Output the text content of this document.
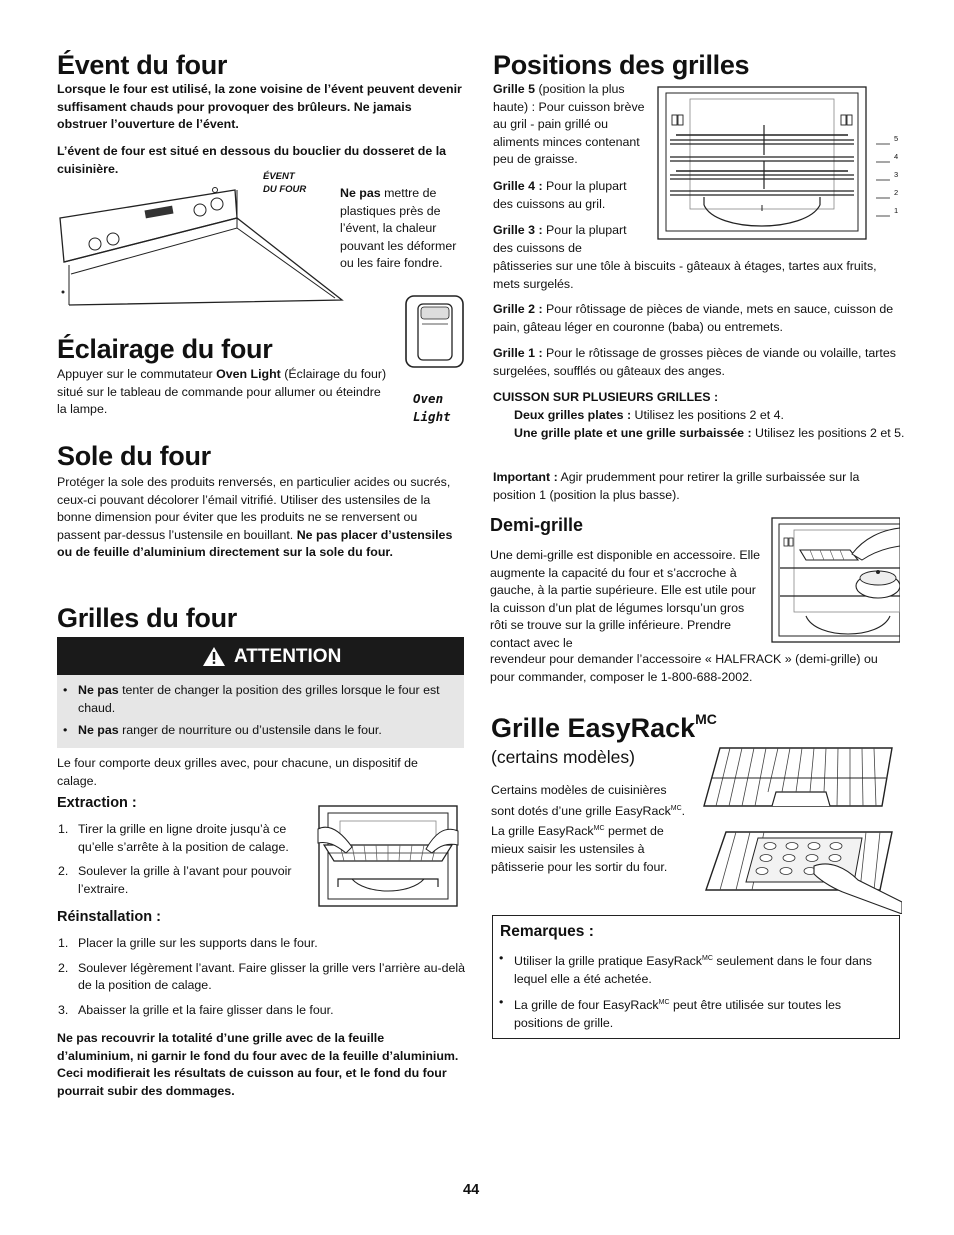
Évent du four

Lorsque le four est utilisé, la zone voisine de l’évent peuvent devenir suffisament chauds pour provoquer des brûleurs. Ne jamais obstruer l’ouverture de l’évent.

L’évent de four est situé en dessous du bouclier du dosseret de la cuisinière.

ÉVENT
DU FOUR	Ne pas mettre de plastiques près de l’évent, la chaleur pouvant les déformer ou les faire fondre.

Éclairage du four

Appuyer sur le commutateur Oven Light (Éclairage du four) situé sur le tableau de commande pour allumer ou éteindre la lampe.

Oven
Light
Sole du four

Protéger la sole des produits renversés, en particulier acides ou sucrés, ceux-ci pouvant décolorer l’émail vitrifié. Utiliser des ustensiles de la bonne dimension pour éviter que les produits ne se renversent ou passent par-dessus l’ustensile en bouillant. Ne pas placer d’ustensiles ou de feuille d’aluminium directement sur la sole du four.

Grilles du four
ATTENTION
• Ne pas tenter de changer la position des grilles lorsque le four est chaud.
• Ne pas ranger de nourriture ou d’ustensile dans le four.

Le four comporte deux grilles avec, pour chacune, un dispositif de calage.

Extraction :
1. Tirer la grille en ligne droite jusqu’à ce qu’elle s’arrête à la position de calage.
2. Soulever la grille à l’avant pour pouvoir l’extraire.
Réinstallation :
1. Placer la grille sur les supports dans le four.
2. Soulever légèrement l’avant. Faire glisser la grille vers l’arrière au-delà de la position de calage.
3. Abaisser la grille et la faire glisser dans le four.

Ne pas recouvrir la totalité d’une grille avec de la feuille d’aluminium, ni garnir le fond du four avec de la feuille d’aluminium. Ceci modifierait les résultats de cuisson au four, et le fond du four pourrait subir des dommages.

Positions des grilles

Grille 5 (position la plus haute) : Pour cuisson brève au gril - pain grillé ou aliments minces contenant peu de graisse.

Grille 4 : Pour la plupart des cuissons au gril.

Grille 3 : Pour la plupart des cuissons de

pâtisseries sur une tôle à biscuits - gâteaux à étages, tartes aux fruits, mets surgelés.

5
4
3
2
1

Grille 2 : Pour rôtissage de pièces de viande, mets en sauce, cuisson de pain, gâteau léger en couronne (baba) ou entremets.

Grille 1 : Pour le rôtissage de grosses pièces de viande ou volaille, tartes surgelées, soufflés ou gâteaux des anges.

CUISSON SUR PLUSIEURS GRILLES :

Deux grilles plates : Utilisez les positions 2 et 4.

Une grille plate et une grille surbaissée : Utilisez les positions 2 et 5.

Important : Agir prudemment pour retirer la grille surbaissée sur la position 1 (position la plus basse).

Demi-grille

Une demi-grille est disponible en accessoire. Elle augmente la capacité du four et s’accroche à gauche, à la partie supérieure. Elle est utile pour la cuisson d’un plat de légumes lorsqu’un gros rôti se trouve sur la grille inférieure. Prendre contact avec le

revendeur pour demander l’accessoire « HALFRACK » (demi-grille) ou pour commander, composer le 1-800-688-2002.

Grille EasyRackMC
(certains modèles)

Certains modèles de cuisinières sont dotés d’une grille EasyRack$^{MC}$. La grille EasyRack$^{MC}$ permet de mieux saisir les ustensiles à pâtisserie pour les sortir du four.

Remarques :
• Utiliser la grille pratique EasyRack$^{MC}$ seulement dans le four dans lequel elle a été achetée.
• La grille de four EasyRack$^{MC}$ peut être utilisée sur toutes les positions de grille.
44
